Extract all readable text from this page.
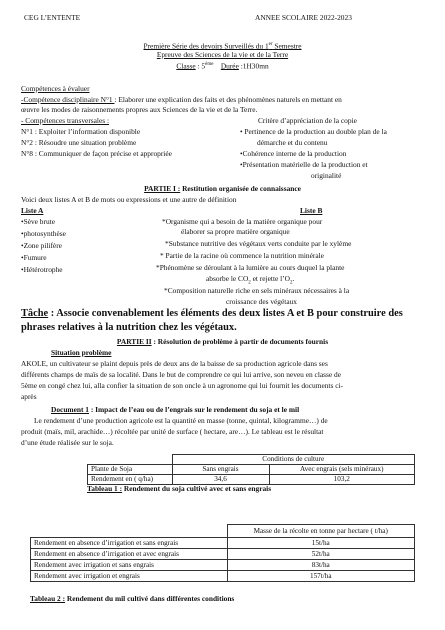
CEG L’ENTENTE	ANNEE SCOLAIRE 2022-2023
Première Série des devoirs Surveillés du 1er Semestre
Epreuve des Sciences de la vie et de la Terre
Classe : 5ème Durée :1H30mn
Compétences à évaluer
-Compétence disciplinaire N°1 : Elaborer une explication des faits et des phénomènes naturels en mettant en
œuvre les modes de raisonnements propres aux Sciences de la vie et de la Terre.
- Compétences transversales :	Critère d’appréciation de la copie
N°1 : Exploiter l’information disponible
N°2 : Résoudre une situation problème
N°8 : Communiquer de façon précise et appropriée
• Pertinence de la production au double plan de la
démarche et du contenu
•Cohérence interne de la production
•Présentation matérielle de la production et
originalité
PARTIE I : Restitution organisée de connaissance
Voici deux listes A et B de mots ou expressions et une autre de définition
Liste A	Liste B
•Sève brute
•photosynthèse
•Zone pilifère
•Fumure
•Hétérotrophe
*Organisme qui a besoin de la matière organique pour
élaborer sa propre matière organique
*Substance nutritive des végétaux verts conduite par le xylème
* Partie de la racine où commence la nutrition minérale
*Phénomène se déroulant à la lumière au cours duquel la plante
absorbe le $CO_2$ et rejette $l’O_2$.
*Composition naturelle riche en sels minéraux nécessaires à la
croissance des végétaux
Tâche : Associe convenablement les éléments des deux listes A et B pour construire des
phrases relatives à la nutrition chez les végétaux.
PARTIE II : Résolution de problème à partir de documents fournis
Situation problème
AKOLE, un cultivateur se plaint depuis près de deux ans de la baisse de sa production agricole dans ses
différents champs de maïs de sa localité. Dans le but de comprendre ce qui lui arrive, son neveu en classe de
5ème en congé chez lui, alla confier la situation de son oncle à un agronome qui lui fournit les documents ci-
après
Document 1 : Impact de l’eau ou de l’engrais sur le rendement du soja et le mil
Le rendement d’une production agricole est la quantité en masse (tonne, quintal, kilogramme…) de
produit (maïs, mil, arachide…) récoltée par unité de surface ( hectare, are…). Le tableau est le résultat
d’une étude réalisée sur le soja.
	Conditions de culture	
Plante de Soja	Sans engrais	Avec engrais (sels minéraux)
Rendement en ( q/ha)	34,6	103,2
Tableau 1 : Rendement du soja cultivé avec et sans engrais
	Masse de la récolte en tonne par hectare ( t/ha)
Rendement en absence d’irrigation et sans engrais	15t/ha
Rendement en absence d’irrigation et avec engrais	52t/ha
Rendement avec irrigation et sans engrais	83t/ha
Rendement avec irrigation et engrais	157t/ha
Tableau 2 : Rendement du mil cultivé dans différentes conditions
